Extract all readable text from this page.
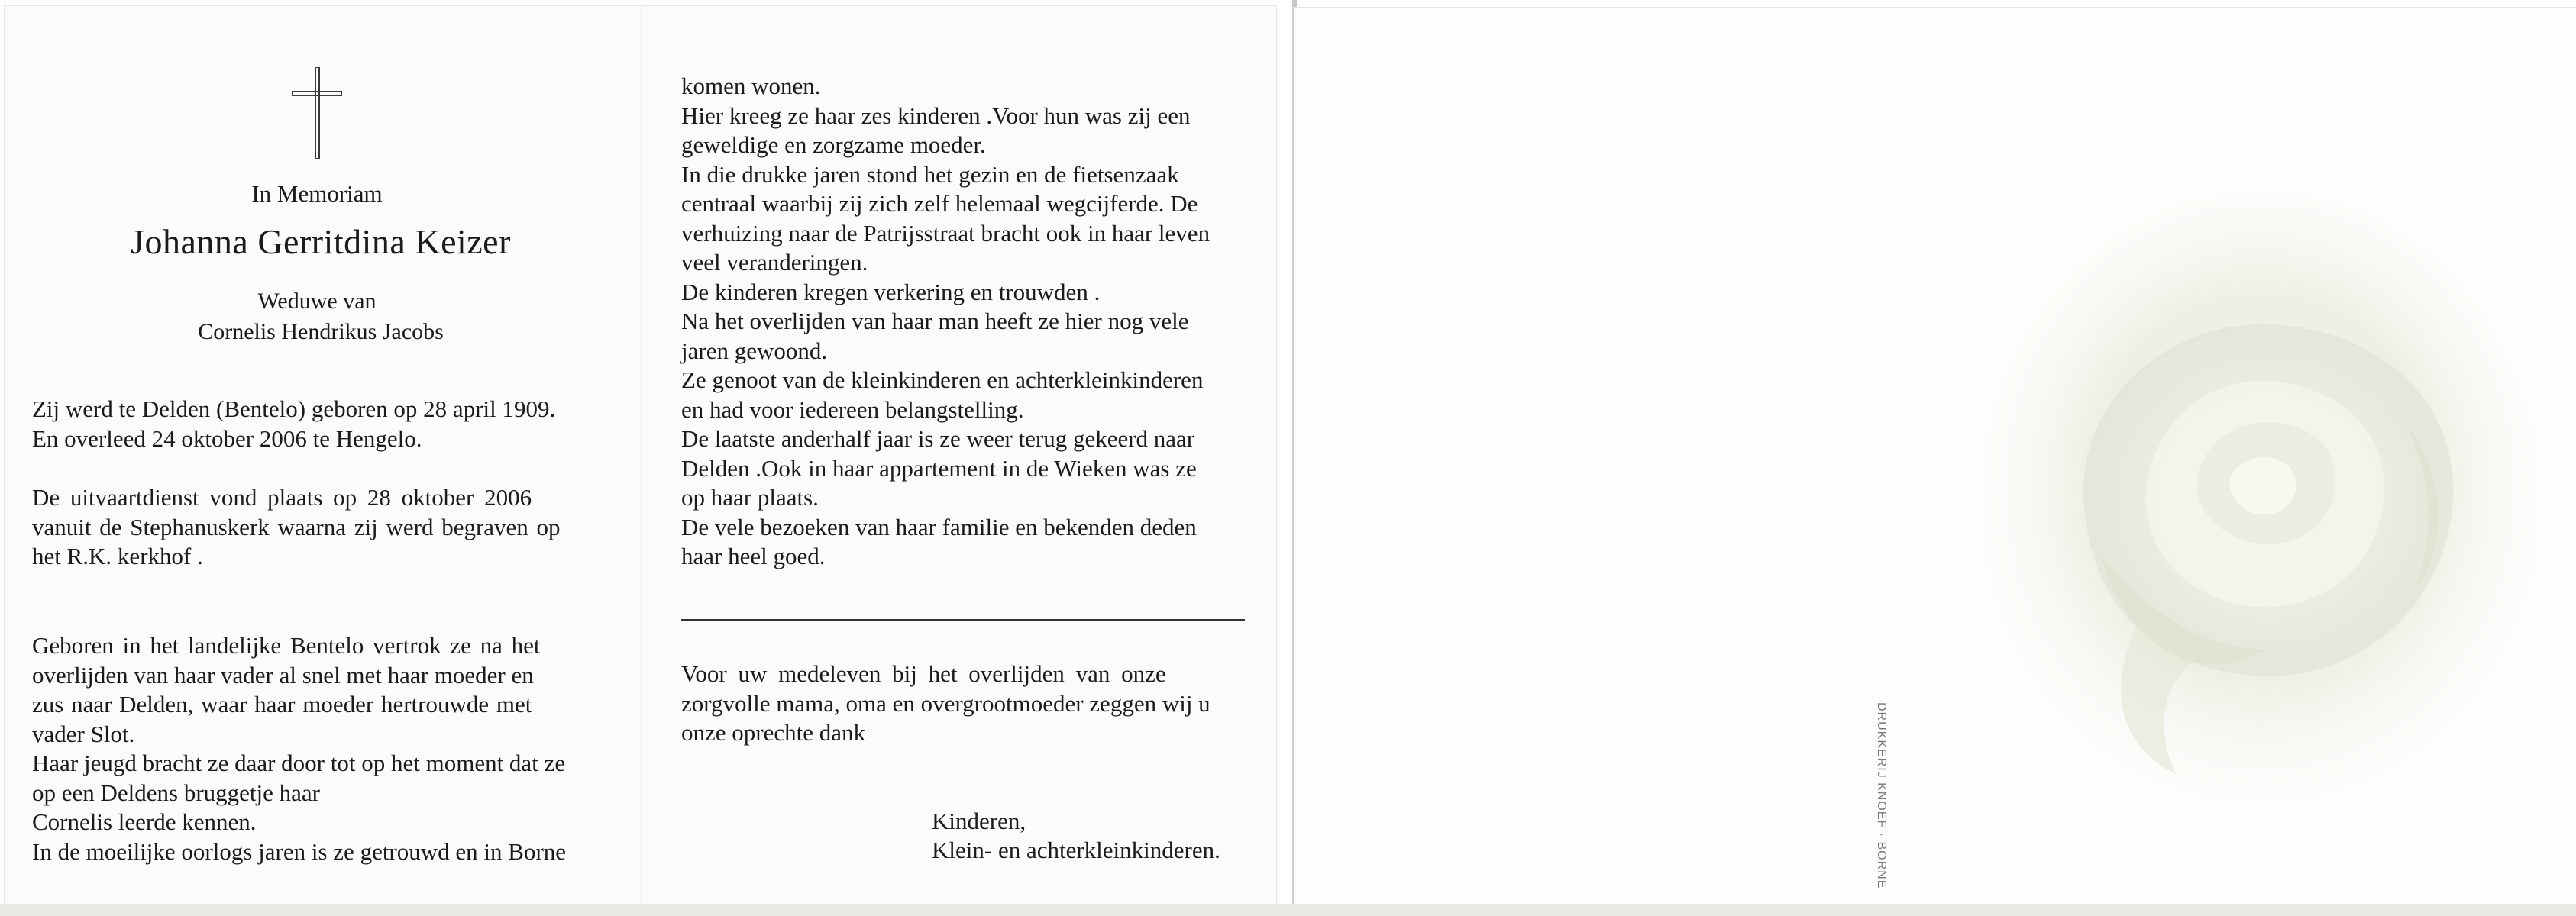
In Memoriam
Johanna Gerritdina Keizer
Weduwe van
Cornelis Hendrikus Jacobs
Zij werd te Delden (Bentelo) geboren op 28 april 1909.
En overleed 24 oktober 2006 te Hengelo.
De uitvaartdienst vond plaats op 28 oktober 2006
vanuit de Stephanuskerk waarna zij werd begraven op
het R.K. kerkhof .
Geboren in het landelijke Bentelo vertrok ze na het
overlijden van haar vader al snel met haar moeder en
zus naar Delden, waar haar moeder hertrouwde met
vader Slot.
Haar jeugd bracht ze daar door tot op het moment dat ze
op een Deldens bruggetje haar
Cornelis leerde kennen.
In de moeilijke oorlogs jaren is ze getrouwd en in Borne
komen wonen.
Hier kreeg ze haar zes kinderen .Voor hun was zij een
geweldige en zorgzame moeder.
In die drukke jaren stond het gezin en de fietsenzaak
centraal waarbij zij zich zelf helemaal wegcijferde. De
verhuizing naar de Patrijsstraat bracht ook in haar leven
veel veranderingen.
De kinderen kregen verkering en trouwden .
Na het overlijden van haar man heeft ze hier nog vele
jaren gewoond.
Ze genoot van de kleinkinderen en achterkleinkinderen
en had voor iedereen belangstelling.
De laatste anderhalf jaar is ze weer terug gekeerd naar
Delden .Ook in haar appartement in de Wieken was ze
op haar plaats.
De vele bezoeken van haar familie en bekenden deden
haar heel goed.
Voor uw medeleven bij het overlijden van onze
zorgvolle mama, oma en overgrootmoeder zeggen wij u
onze oprechte dank
Kinderen,
Klein- en achterkleinkinderen.	DRUKKERIJ KNOEF · BORNE
